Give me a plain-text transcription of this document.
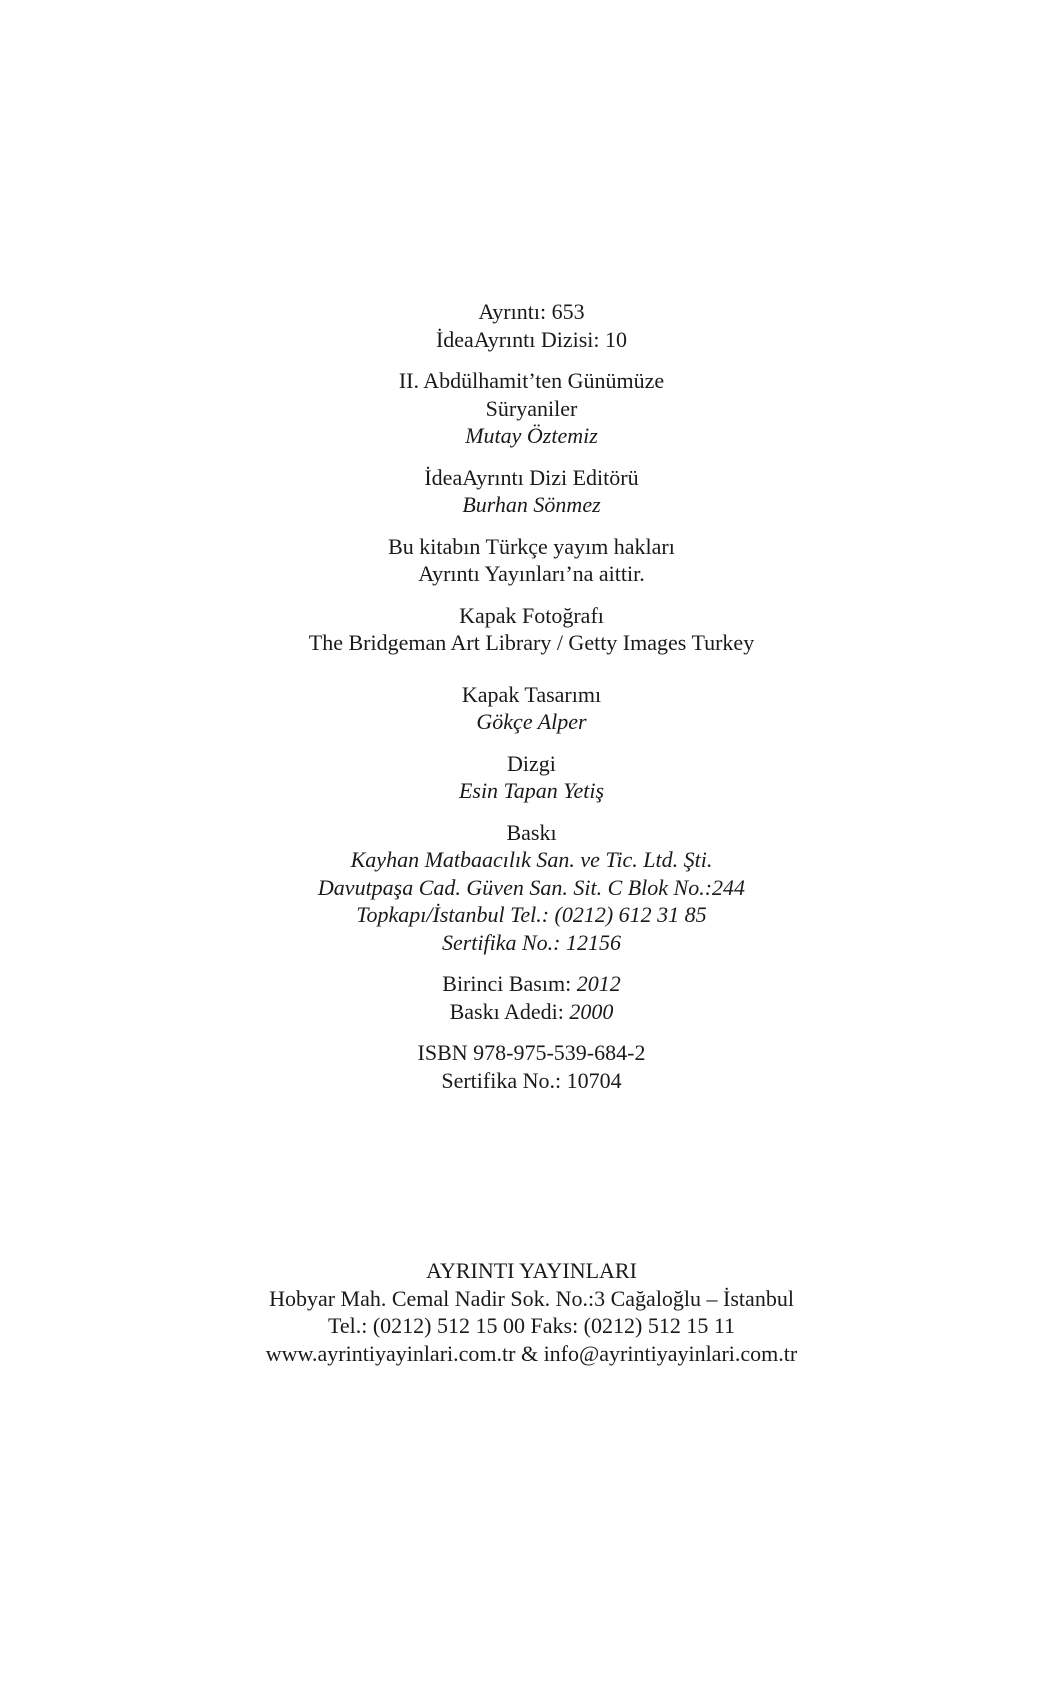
Ayrıntı: 653
İdeaAyrıntı Dizisi: 10
II. Abdülhamit’ten Günümüze
Süryaniler
Mutay Öztemiz
İdeaAyrıntı Dizi Editörü
Burhan Sönmez
Bu kitabın Türkçe yayım hakları
Ayrıntı Yayınları’na aittir.
Kapak Fotoğrafı
The Bridgeman Art Library / Getty Images Turkey
Kapak Tasarımı
Gökçe Alper
Dizgi
Esin Tapan Yetiş
Baskı
Kayhan Matbaacılık San. ve Tic. Ltd. Şti.
Davutpaşa Cad. Güven San. Sit. C Blok No.:244
Topkapı/İstanbul Tel.: (0212) 612 31 85
Sertifika No.: 12156
Birinci Basım: 2012
Baskı Adedi: 2000
ISBN 978-975-539-684-2
Sertifika No.: 10704
AYRINTI YAYINLARI
Hobyar Mah. Cemal Nadir Sok. No.:3 Cağaloğlu – İstanbul
Tel.: (0212) 512 15 00 Faks: (0212) 512 15 11
www.ayrintiyayinlari.com.tr & info@ayrintiyayinlari.com.tr
